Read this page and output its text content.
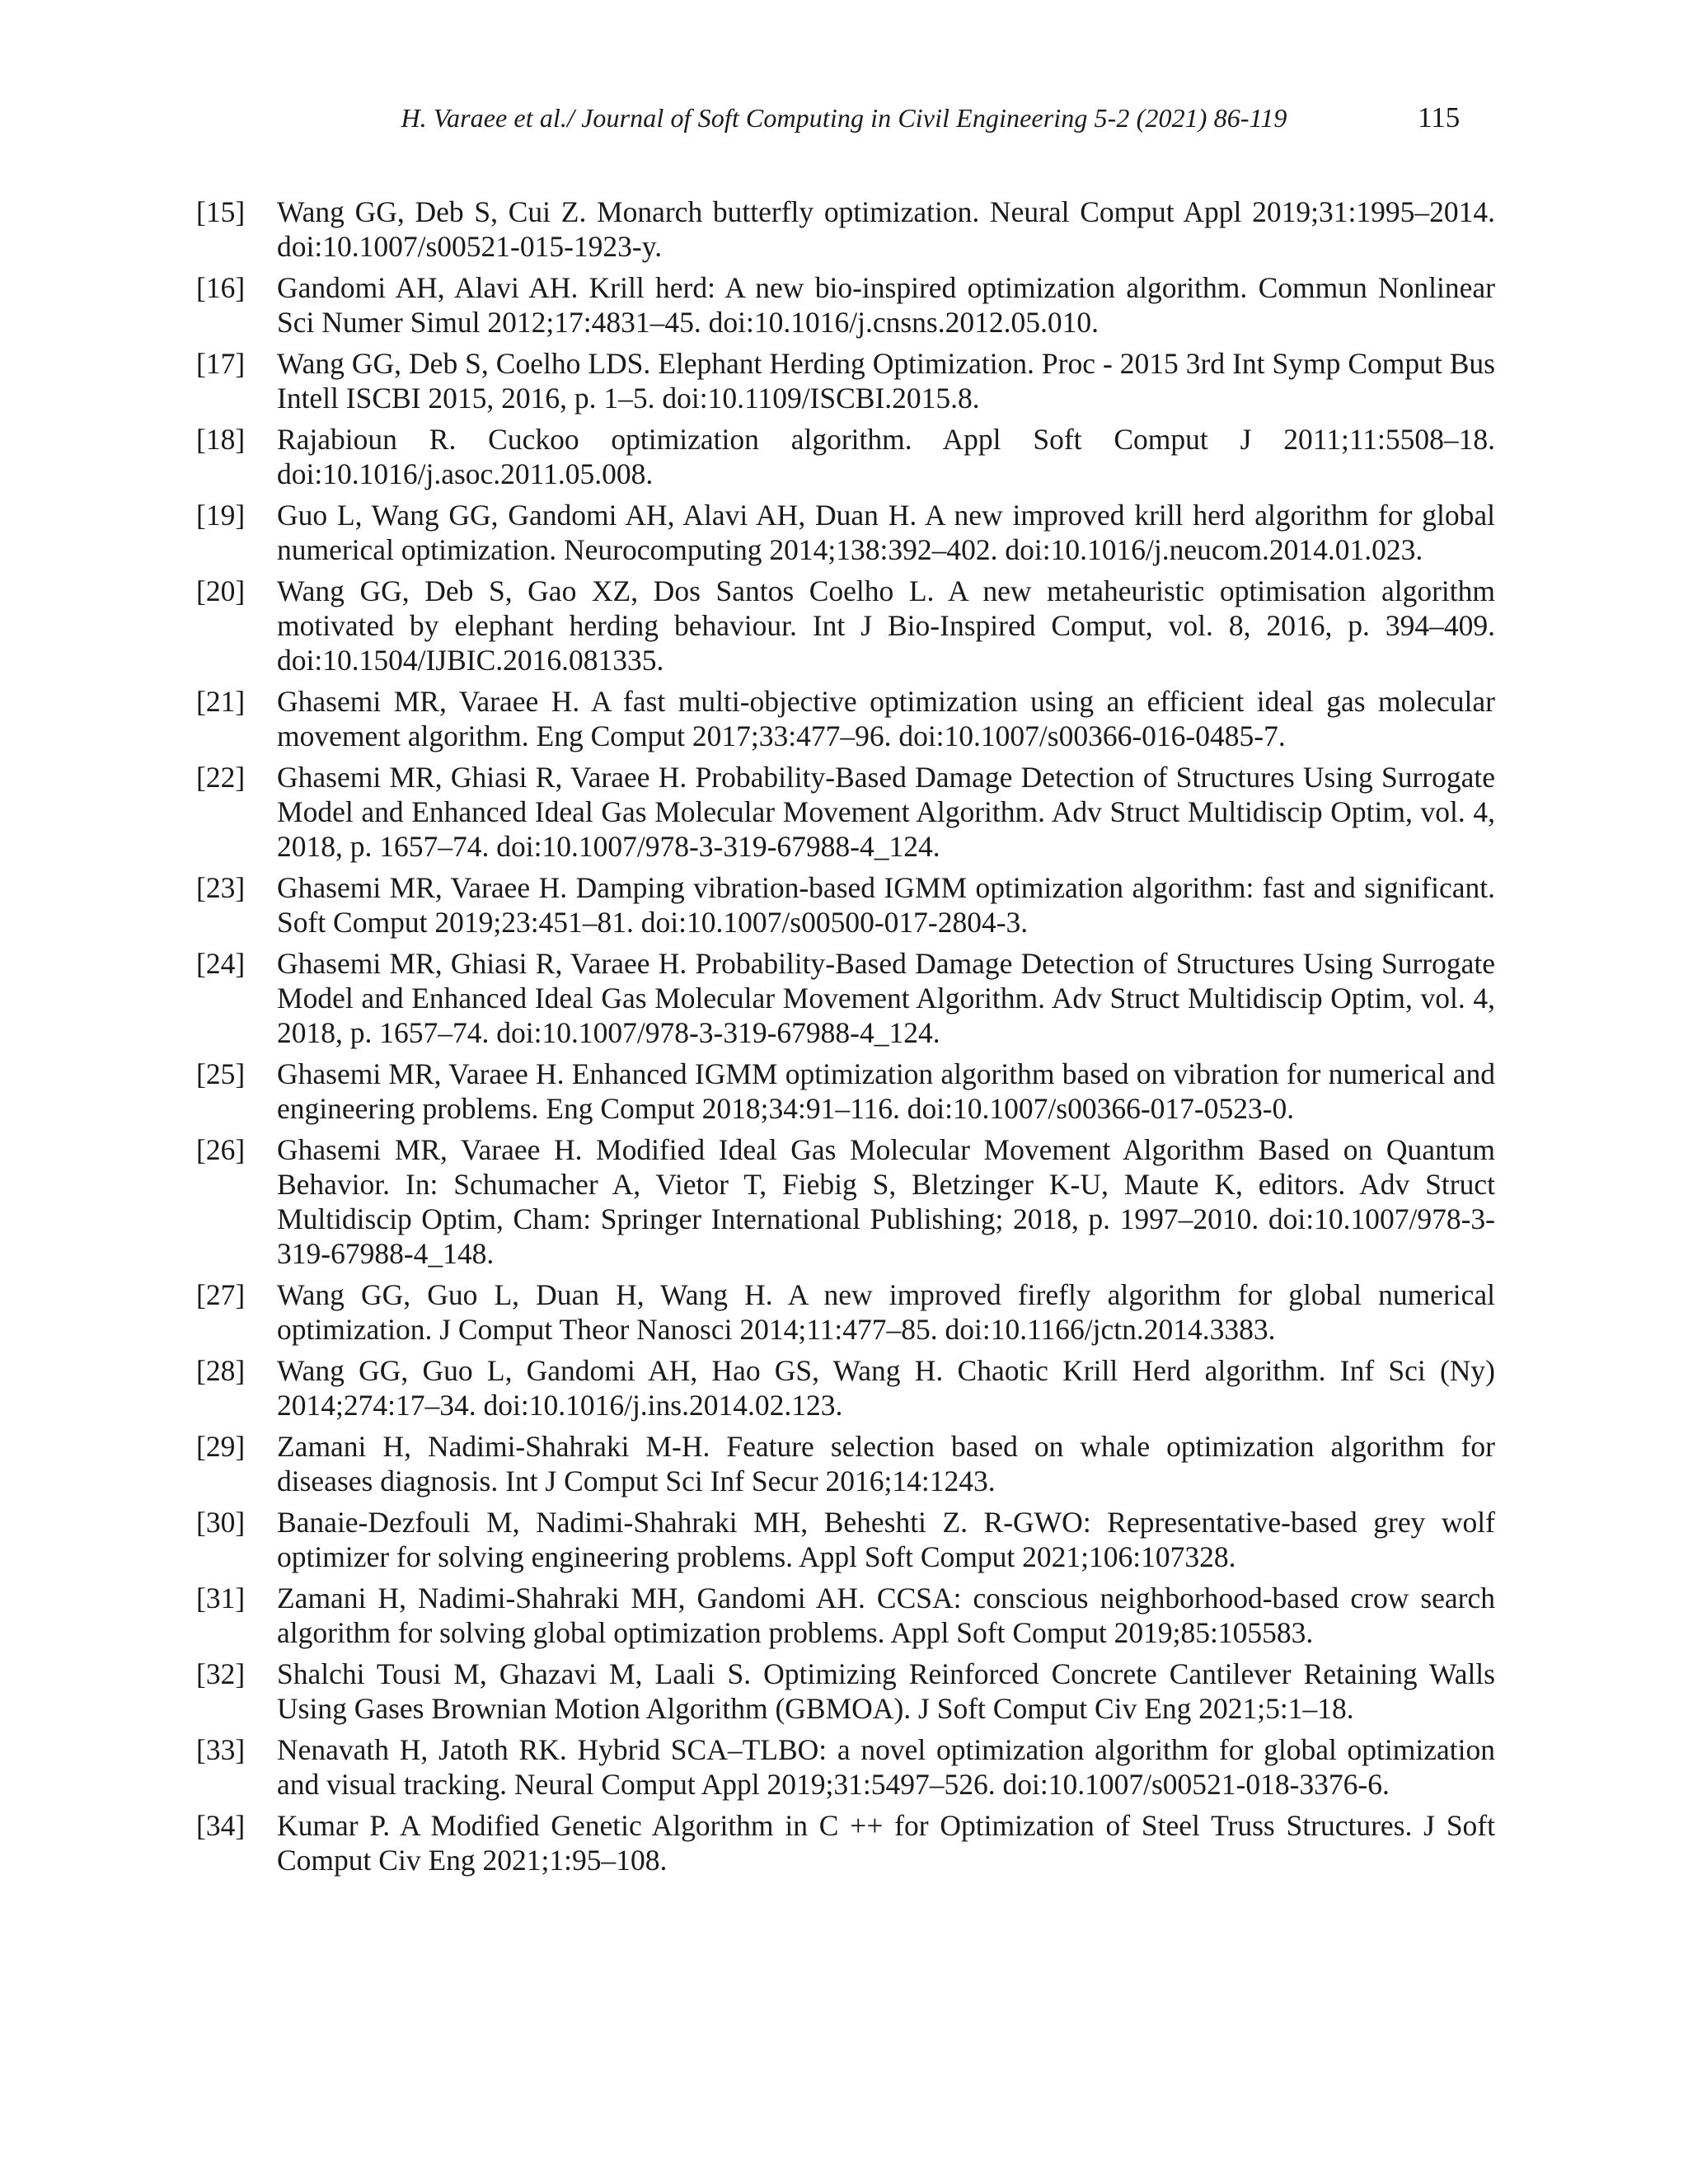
H. Varaee et al./ Journal of Soft Computing in Civil Engineering 5-2 (2021) 86-119	115
[15]	Wang GG, Deb S, Cui Z. Monarch butterfly optimization. Neural Comput Appl 2019;31:1995–2014. doi:10.1007/s00521-015-1923-y.
[16]	Gandomi AH, Alavi AH. Krill herd: A new bio-inspired optimization algorithm. Commun Nonlinear Sci Numer Simul 2012;17:4831–45. doi:10.1016/j.cnsns.2012.05.010.
[17]	Wang GG, Deb S, Coelho LDS. Elephant Herding Optimization. Proc - 2015 3rd Int Symp Comput Bus Intell ISCBI 2015, 2016, p. 1–5. doi:10.1109/ISCBI.2015.8.
[18]	Rajabioun R. Cuckoo optimization algorithm. Appl Soft Comput J 2011;11:5508–18. doi:10.1016/j.asoc.2011.05.008.
[19]	Guo L, Wang GG, Gandomi AH, Alavi AH, Duan H. A new improved krill herd algorithm for global numerical optimization. Neurocomputing 2014;138:392–402. doi:10.1016/j.neucom.2014.01.023.
[20]	Wang GG, Deb S, Gao XZ, Dos Santos Coelho L. A new metaheuristic optimisation algorithm motivated by elephant herding behaviour. Int J Bio-Inspired Comput, vol. 8, 2016, p. 394–409. doi:10.1504/IJBIC.2016.081335.
[21]	Ghasemi MR, Varaee H. A fast multi-objective optimization using an efficient ideal gas molecular movement algorithm. Eng Comput 2017;33:477–96. doi:10.1007/s00366-016-0485-7.
[22]	Ghasemi MR, Ghiasi R, Varaee H. Probability-Based Damage Detection of Structures Using Surrogate Model and Enhanced Ideal Gas Molecular Movement Algorithm. Adv Struct Multidiscip Optim, vol. 4, 2018, p. 1657–74. doi:10.1007/978-3-319-67988-4_124.
[23]	Ghasemi MR, Varaee H. Damping vibration-based IGMM optimization algorithm: fast and significant. Soft Comput 2019;23:451–81. doi:10.1007/s00500-017-2804-3.
[24]	Ghasemi MR, Ghiasi R, Varaee H. Probability-Based Damage Detection of Structures Using Surrogate Model and Enhanced Ideal Gas Molecular Movement Algorithm. Adv Struct Multidiscip Optim, vol. 4, 2018, p. 1657–74. doi:10.1007/978-3-319-67988-4_124.
[25]	Ghasemi MR, Varaee H. Enhanced IGMM optimization algorithm based on vibration for numerical and engineering problems. Eng Comput 2018;34:91–116. doi:10.1007/s00366-017-0523-0.
[26]	Ghasemi MR, Varaee H. Modified Ideal Gas Molecular Movement Algorithm Based on Quantum Behavior. In: Schumacher A, Vietor T, Fiebig S, Bletzinger K-U, Maute K, editors. Adv Struct Multidiscip Optim, Cham: Springer International Publishing; 2018, p. 1997–2010. doi:10.1007/978-3-319-67988-4_148.
[27]	Wang GG, Guo L, Duan H, Wang H. A new improved firefly algorithm for global numerical optimization. J Comput Theor Nanosci 2014;11:477–85. doi:10.1166/jctn.2014.3383.
[28]	Wang GG, Guo L, Gandomi AH, Hao GS, Wang H. Chaotic Krill Herd algorithm. Inf Sci (Ny) 2014;274:17–34. doi:10.1016/j.ins.2014.02.123.
[29]	Zamani H, Nadimi-Shahraki M-H. Feature selection based on whale optimization algorithm for diseases diagnosis. Int J Comput Sci Inf Secur 2016;14:1243.
[30]	Banaie-Dezfouli M, Nadimi-Shahraki MH, Beheshti Z. R-GWO: Representative-based grey wolf optimizer for solving engineering problems. Appl Soft Comput 2021;106:107328.
[31]	Zamani H, Nadimi-Shahraki MH, Gandomi AH. CCSA: conscious neighborhood-based crow search algorithm for solving global optimization problems. Appl Soft Comput 2019;85:105583.
[32]	Shalchi Tousi M, Ghazavi M, Laali S. Optimizing Reinforced Concrete Cantilever Retaining Walls Using Gases Brownian Motion Algorithm (GBMOA). J Soft Comput Civ Eng 2021;5:1–18.
[33]	Nenavath H, Jatoth RK. Hybrid SCA–TLBO: a novel optimization algorithm for global optimization and visual tracking. Neural Comput Appl 2019;31:5497–526. doi:10.1007/s00521-018-3376-6.
[34]	Kumar P. A Modified Genetic Algorithm in C ++ for Optimization of Steel Truss Structures. J Soft Comput Civ Eng 2021;1:95–108.
